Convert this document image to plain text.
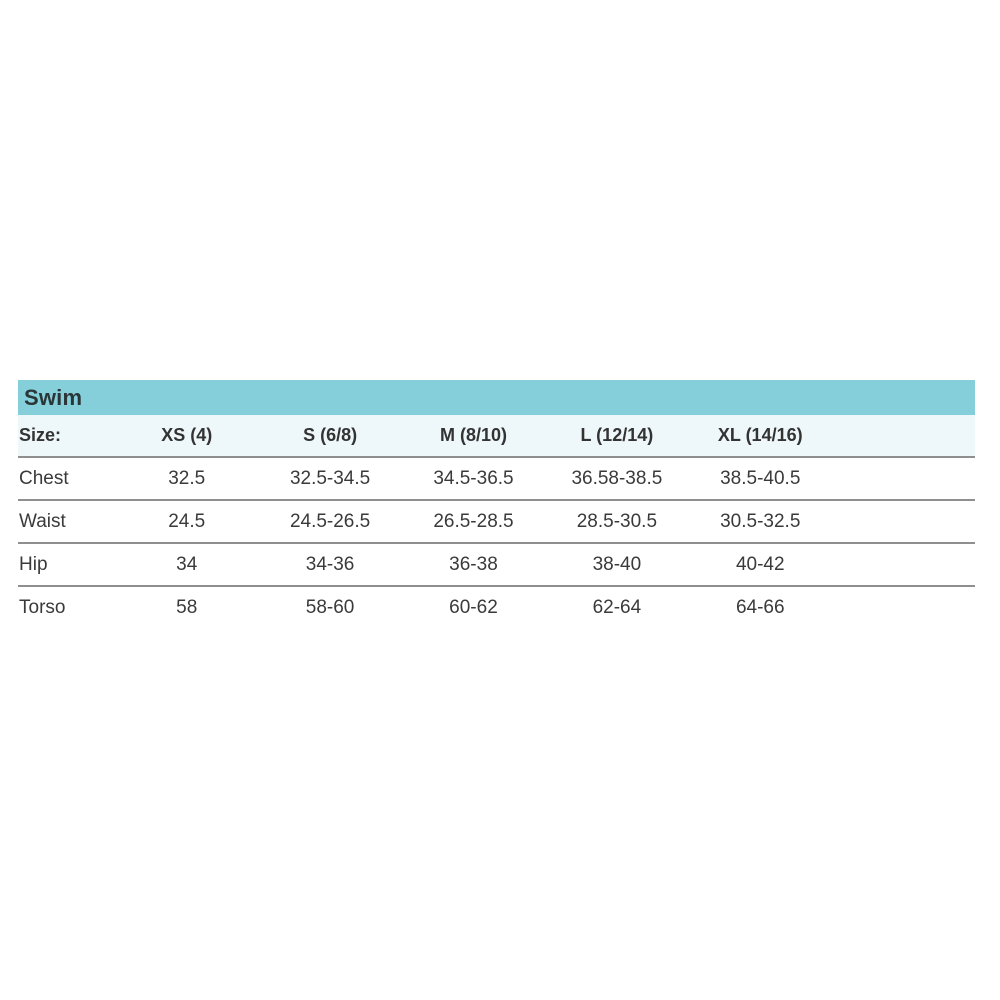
Swim
Size:	XS (4)	S (6/8)	M (8/10)	L (12/14)	XL (14/16)
Chest	32.5	32.5-34.5	34.5-36.5	36.58-38.5	38.5-40.5
Waist	24.5	24.5-26.5	26.5-28.5	28.5-30.5	30.5-32.5
Hip	34	34-36	36-38	38-40	40-42
Torso	58	58-60	60-62	62-64	64-66
